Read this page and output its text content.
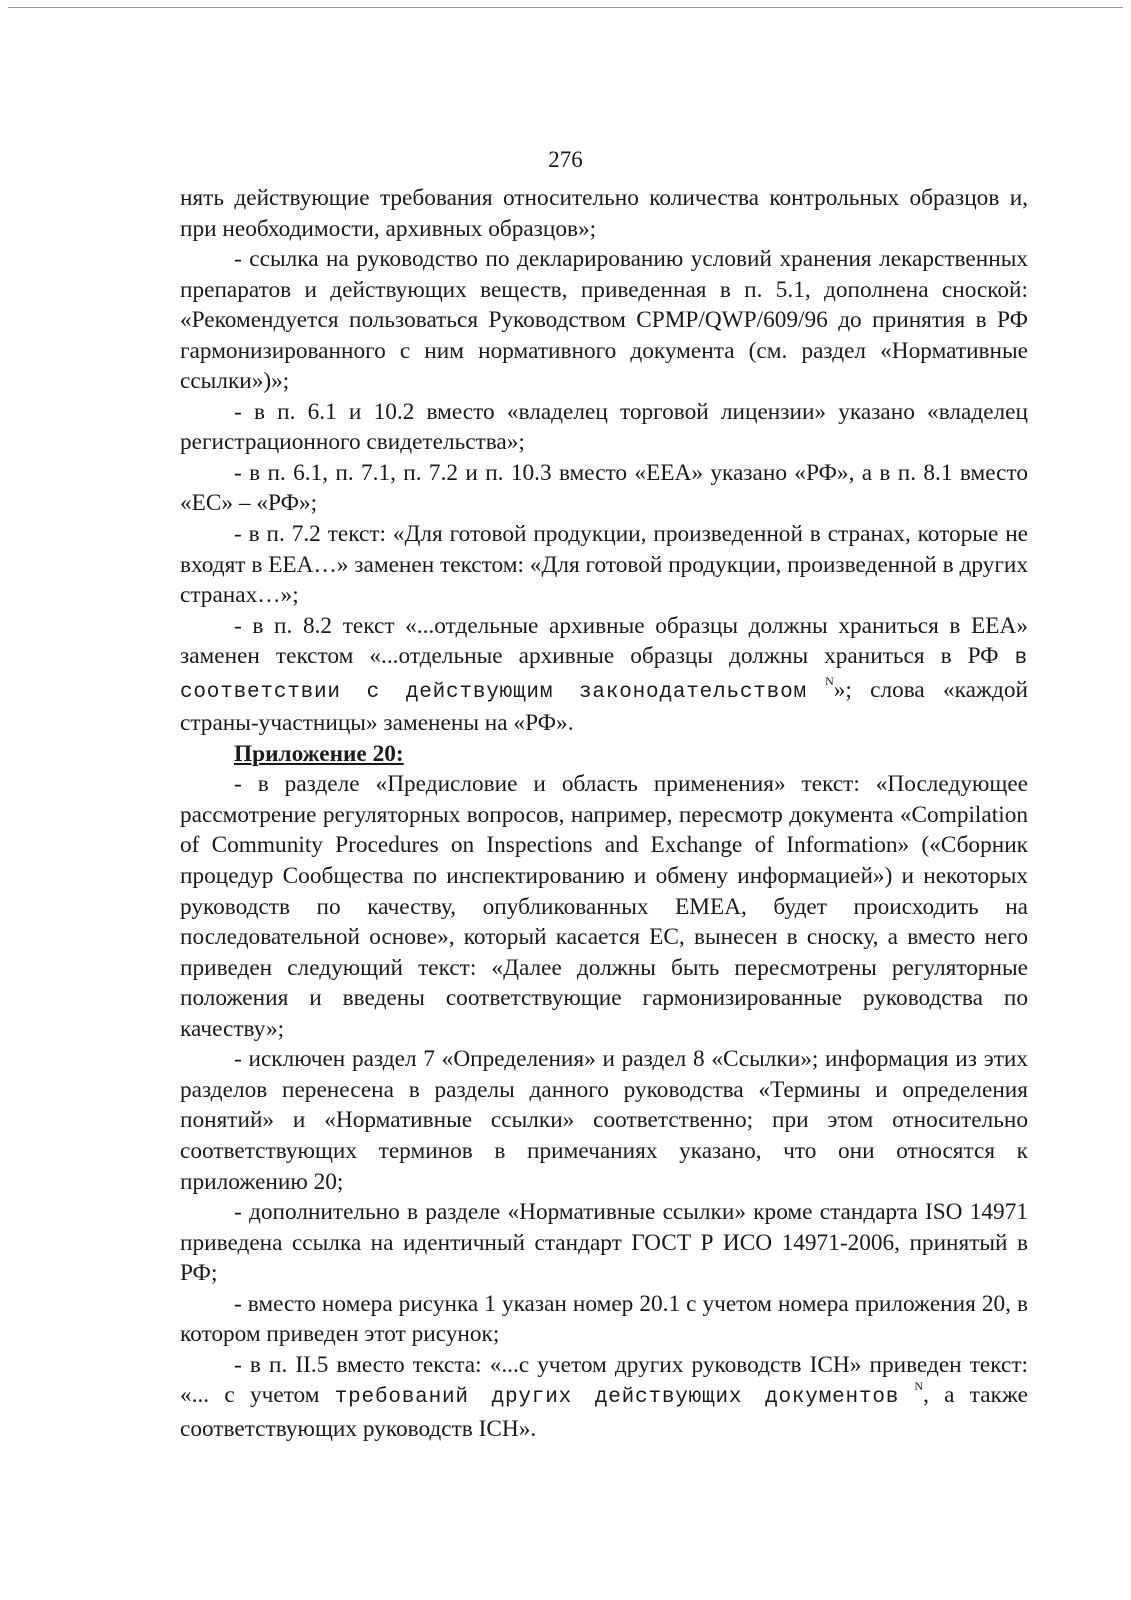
276

нять действующие требования относительно количества контрольных образцов и, при необходимости, архивных образцов»;

- ссылка на руководство по декларированию условий хранения лекарственных препаратов и действующих веществ, приведенная в п. 5.1, дополнена сноской: «Рекомендуется пользоваться Руководством CPMP/QWP/609/96 до принятия в РФ гармонизированного с ним нормативного документа (см. раздел «Нормативные ссылки»)»;

- в п. 6.1 и 10.2 вместо «владелец торговой лицензии» указано «владелец регистрационного свидетельства»;

- в п. 6.1, п. 7.1, п. 7.2 и п. 10.3 вместо «EEA» указано «РФ», а в п. 8.1 вместо «ЕС» – «РФ»;

- в п. 7.2 текст: «Для готовой продукции, произведенной в странах, которые не входят в EEA…» заменен текстом: «Для готовой продукции, произведенной в других странах…»;

- в п. 8.2 текст «...отдельные архивные образцы должны храниться в EEA» заменен текстом «...отдельные архивные образцы должны храниться в РФ в соответствии с действующим законодательством $^N$»; слова «каждой страны-участницы» заменены на «РФ».

Приложение 20:

- в разделе «Предисловие и область применения» текст: «Последующее рассмотрение регуляторных вопросов, например, пересмотр документа «Compilation of Community Procedures on Inspections and Exchange of Information» («Сборник процедур Сообщества по инспектированию и обмену информацией») и некоторых руководств по качеству, опубликованных EMEA, будет происходить на последовательной основе», который касается ЕС, вынесен в сноску, а вместо него приведен следующий текст: «Далее должны быть пересмотрены регуляторные положения и введены соответствующие гармонизированные руководства по качеству»;

- исключен раздел 7 «Определения» и раздел 8 «Ссылки»; информация из этих разделов перенесена в разделы данного руководства «Термины и определения понятий» и «Нормативные ссылки» соответственно; при этом относительно соответствующих терминов в примечаниях указано, что они относятся к приложению 20;

- дополнительно в разделе «Нормативные ссылки» кроме стандарта ISO 14971 приведена ссылка на идентичный стандарт ГОСТ Р ИСО 14971-2006, принятый в РФ;

- вместо номера рисунка 1 указан номер 20.1 с учетом номера приложения 20, в котором приведен этот рисунок;

- в п. II.5 вместо текста: «...с учетом других руководств ICH» приведен текст: «... с учетом требований других действующих документов $^N$, а также соответствующих руководств ICH».
